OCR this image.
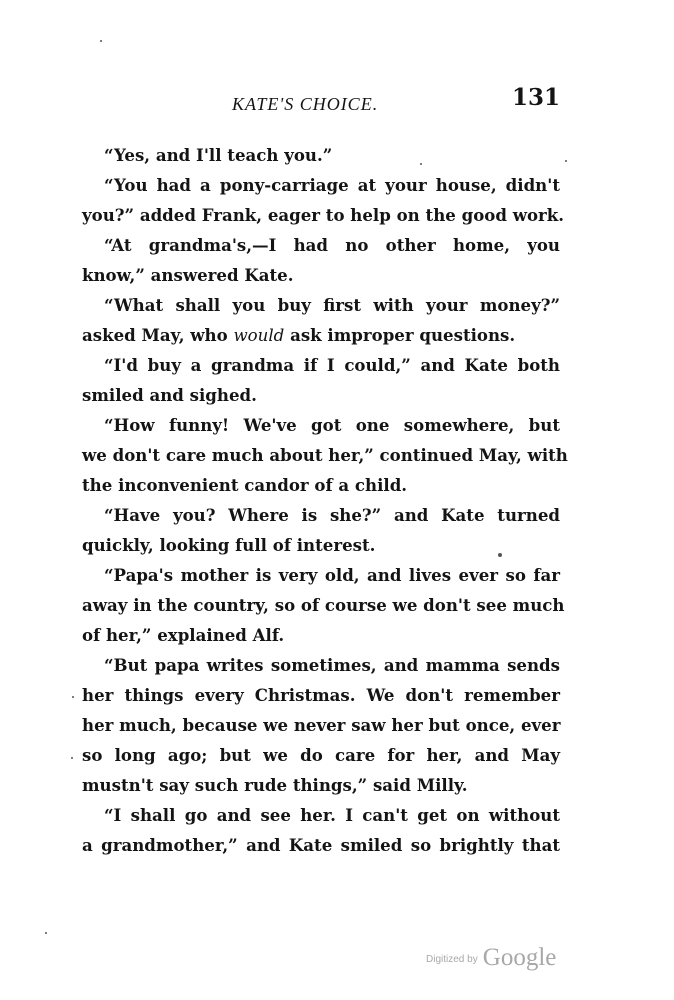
KATE'S CHOICE.	131
“Yes, and I'll teach you.”
“You had a pony-carriage at your house, didn't
you?” added Frank, eager to help on the good work.
“At grandma's,—I had no other home, you
know,” answered Kate.
“What shall you buy first with your money?”
asked May, who would ask improper questions.
“I'd buy a grandma if I could,” and Kate both
smiled and sighed.
“How funny! We've got one somewhere, but
we don't care much about her,” continued May, with
the inconvenient candor of a child.
“Have you? Where is she?” and Kate turned
quickly, looking full of interest.
“Papa's mother is very old, and lives ever so far
away in the country, so of course we don't see much
of her,” explained Alf.
“But papa writes sometimes, and mamma sends
her things every Christmas. We don't remember
her much, because we never saw her but once, ever
so long ago; but we do care for her, and May
mustn't say such rude things,” said Milly.
“I shall go and see her. I can't get on without
a grandmother,” and Kate smiled so brightly that
Digitized by Google
